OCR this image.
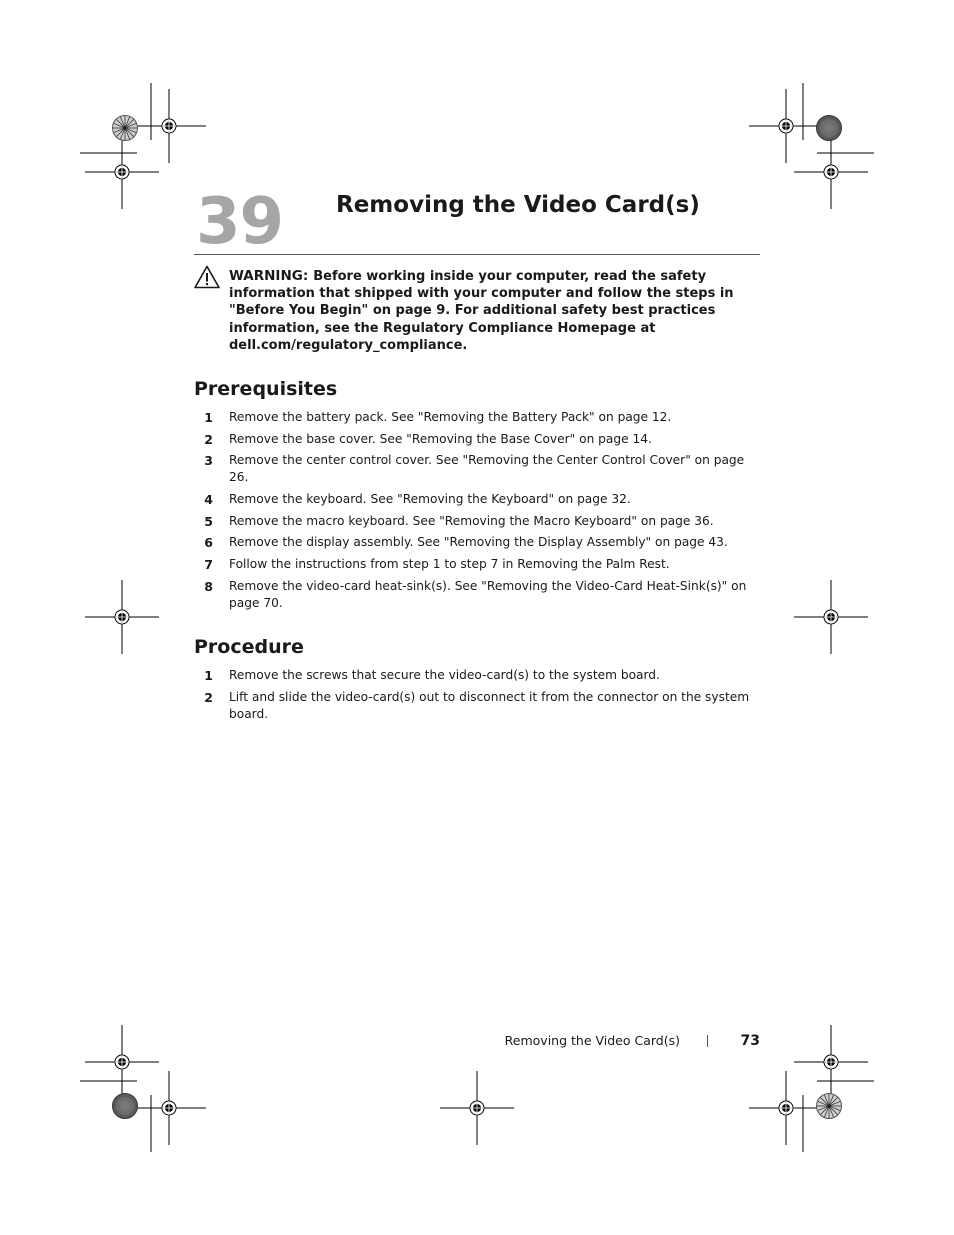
39 Removing the Video Card(s)
WARNING: Before working inside your computer, read the safety information that shipped with your computer and follow the steps in "Before You Begin" on page 9. For additional safety best practices information, see the Regulatory Compliance Homepage at dell.com/regulatory_compliance.
Prerequisites
1 Remove the battery pack. See "Removing the Battery Pack" on page 12.
2 Remove the base cover. See "Removing the Base Cover" on page 14.
3 Remove the center control cover. See "Removing the Center Control Cover" on page 26.
4 Remove the keyboard. See "Removing the Keyboard" on page 32.
5 Remove the macro keyboard. See "Removing the Macro Keyboard" on page 36.
6 Remove the display assembly. See "Removing the Display Assembly" on page 43.
7 Follow the instructions from step 1 to step 7 in Removing the Palm Rest.
8 Remove the video-card heat-sink(s). See "Removing the Video-Card Heat-Sink(s)" on page 70.
Procedure
1 Remove the screws that secure the video-card(s) to the system board.
2 Lift and slide the video-card(s) out to disconnect it from the connector on the system board.
Removing the Video Card(s)	73
